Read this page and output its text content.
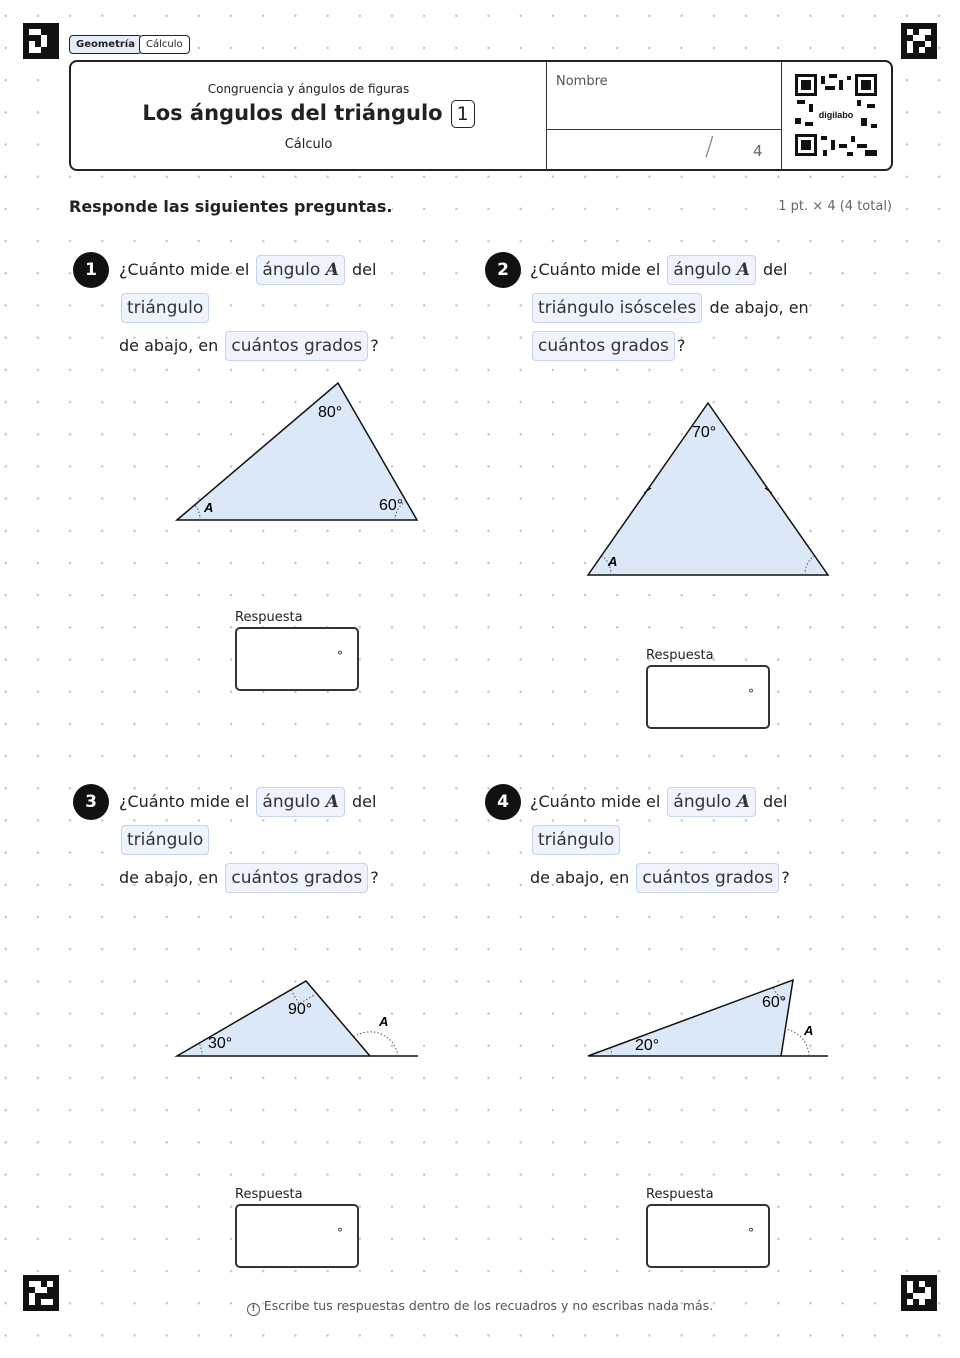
Geometría	Cálculo
Congruencia y ángulos de figuras
Los ángulos del triángulo 1
Cálculo
Nombre
/	4
digilabo
Responde las siguientes preguntas.	1 pt. × 4 (4 total)
1	¿Cuánto mide el ángulo A del triángulo
de abajo, en cuántos grados ?
A
80°
60°
Respuesta
°
2	¿Cuánto mide el ángulo A del
triángulo isósceles de abajo, en
cuántos grados ?
A
70°
Respuesta
°
3	¿Cuánto mide el ángulo A del triángulo
de abajo, en cuántos grados ?
A
30°
90°
Respuesta
°
4	¿Cuánto mide el ángulo A del triángulo
de abajo, en cuántos grados ?
A
60°
20°
Respuesta
°
! Escribe tus respuestas dentro de los recuadros y no escribas nada más.
